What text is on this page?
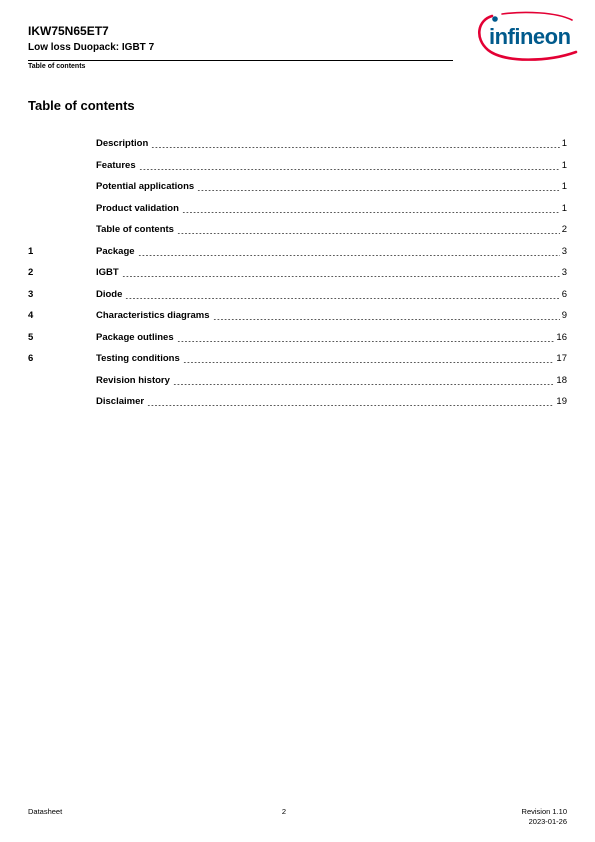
IKW75N65ET7
Low loss Duopack: IGBT 7
Table of contents
infineon
Table of contents
Description	1
Features	1
Potential applications	1
Product validation	1
Table of contents	2
1	Package	3
2	IGBT	3
3	Diode	6
4	Characteristics diagrams	9
5	Package outlines	16
6	Testing conditions	17
Revision history	18
Disclaimer	19
Datasheet	2	Revision 1.10
2023-01-26
